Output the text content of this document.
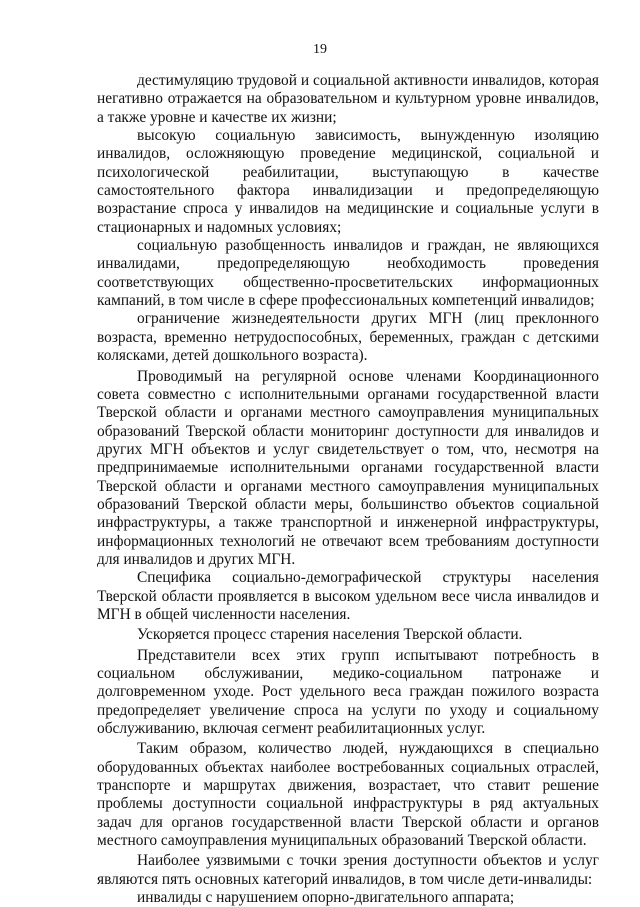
19

дестимуляцию трудовой и социальной активности инвалидов, которая негативно отражается на образовательном и культурном уровне инвалидов, а также уровне и качестве их жизни;

высокую социальную зависимость, вынужденную изоляцию инвалидов, осложняющую проведение медицинской, социальной и психологической реабилитации, выступающую в качестве самостоятельного фактора инвалидизации и предопределяющую возрастание спроса у инвалидов на медицинские и социальные услуги в стационарных и надомных условиях;

социальную разобщенность инвалидов и граждан, не являющихся инвалидами, предопределяющую необходимость проведения соответствующих общественно-просветительских информационных кампаний, в том числе в сфере профессиональных компетенций инвалидов;

ограничение жизнедеятельности других МГН (лиц преклонного возраста, временно нетрудоспособных, беременных, граждан с детскими колясками, детей дошкольного возраста).

Проводимый на регулярной основе членами Координационного совета совместно с исполнительными органами государственной власти Тверской области и органами местного самоуправления муниципальных образований Тверской области мониторинг доступности для инвалидов и других МГН объектов и услуг свидетельствует о том, что, несмотря на предпринимаемые исполнительными органами государственной власти Тверской области и органами местного самоуправления муниципальных образований Тверской области меры, большинство объектов социальной инфраструктуры, а также транспортной и инженерной инфраструктуры, информационных технологий не отвечают всем требованиям доступности для инвалидов и других МГН.

Специфика социально-демографической структуры населения Тверской области проявляется в высоком удельном весе числа инвалидов и МГН в общей численности населения.

Ускоряется процесс старения населения Тверской области.

Представители всех этих групп испытывают потребность в социальном обслуживании, медико-социальном патронаже и долговременном уходе. Рост удельного веса граждан пожилого возраста предопределяет увеличение спроса на услуги по уходу и социальному обслуживанию, включая сегмент реабилитационных услуг.

Таким образом, количество людей, нуждающихся в специально оборудованных объектах наиболее востребованных социальных отраслей, транспорте и маршрутах движения, возрастает, что ставит решение проблемы доступности социальной инфраструктуры в ряд актуальных задач для органов государственной власти Тверской области и органов местного самоуправления муниципальных образований Тверской области.

Наиболее уязвимыми с точки зрения доступности объектов и услуг являются пять основных категорий инвалидов, в том числе дети-инвалиды:

инвалиды с нарушением опорно-двигательного аппарата;
